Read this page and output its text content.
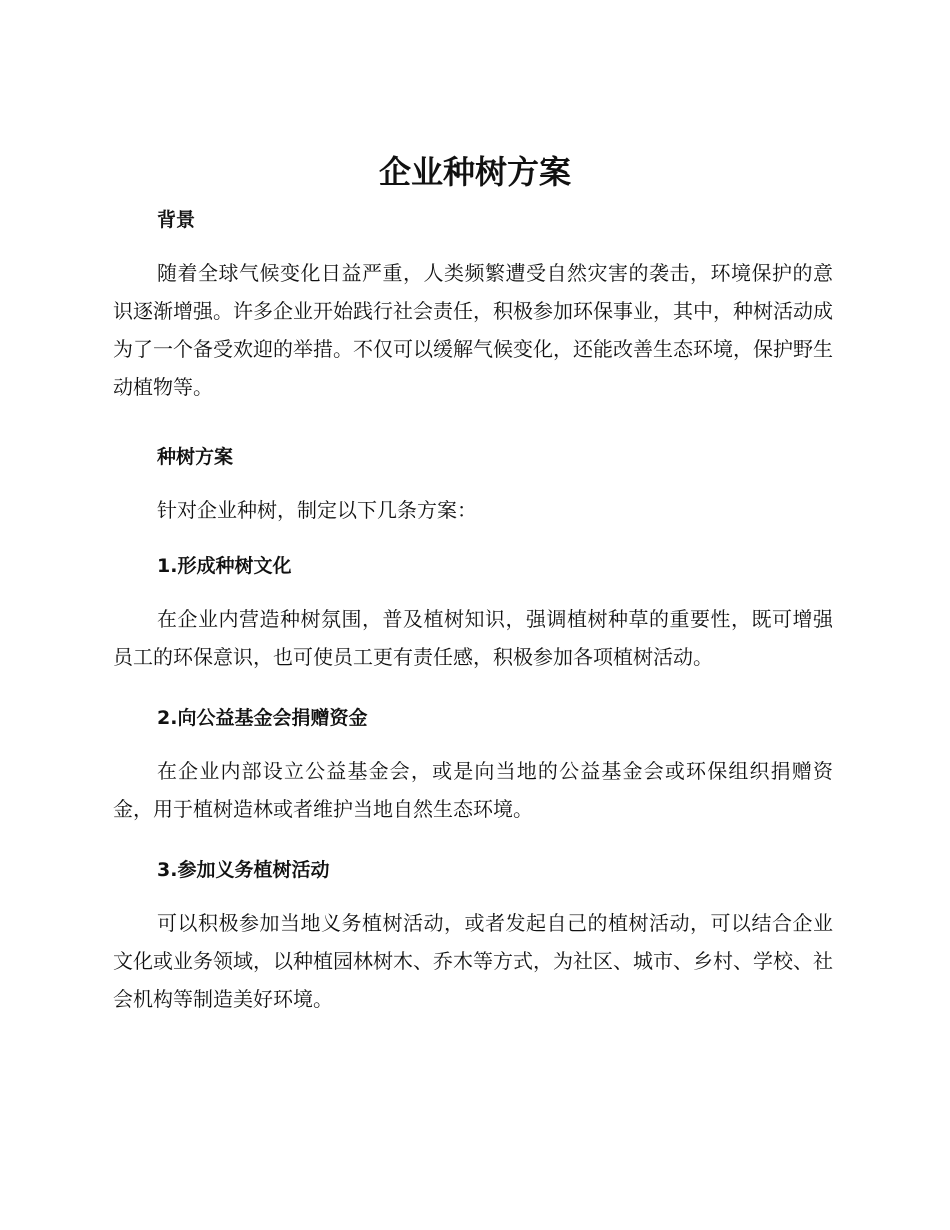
企业种树方案
背景

随着全球气候变化日益严重，人类频繁遭受自然灾害的袭击，环境保护的意识逐渐增强。许多企业开始践行社会责任，积极参加环保事业，其中，种树活动成为了一个备受欢迎的举措。不仅可以缓解气候变化，还能改善生态环境，保护野生动植物等。

种树方案

针对企业种树，制定以下几条方案：

1.形成种树文化

在企业内营造种树氛围，普及植树知识，强调植树种草的重要性，既可增强员工的环保意识，也可使员工更有责任感，积极参加各项植树活动。

2.向公益基金会捐赠资金

在企业内部设立公益基金会，或是向当地的公益基金会或环保组织捐赠资金，用于植树造林或者维护当地自然生态环境。

3.参加义务植树活动

可以积极参加当地义务植树活动，或者发起自己的植树活动，可以结合企业文化或业务领域，以种植园林树木、乔木等方式，为社区、城市、乡村、学校、社会机构等制造美好环境。
